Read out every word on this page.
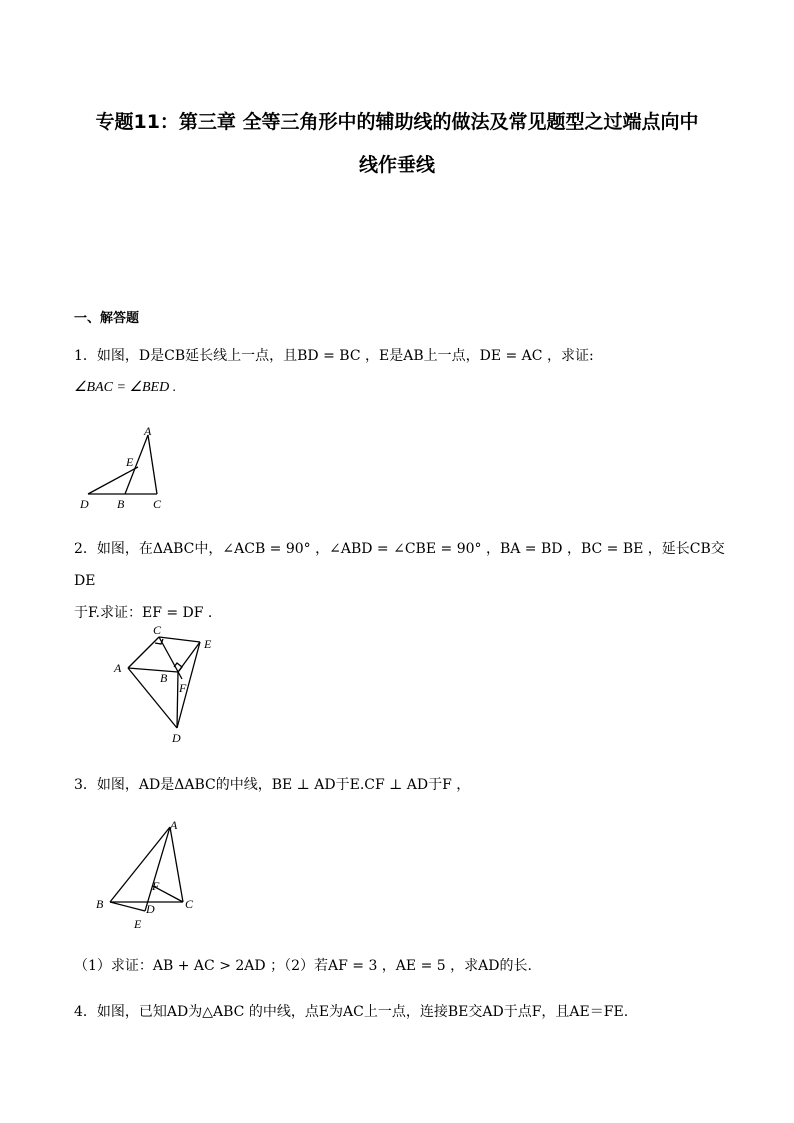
专题11：第三章 全等三角形中的辅助线的做法及常见题型之过端点向中
线作垂线
一、解答题
1．如图，D是CB延长线上一点，且BD = BC ，E是AB上一点，DE = AC ，求证:
∠BAC = ∠BED .
A
E
D B C
2．如图，在ΔABC中，∠ACB = 90° ，∠ABD = ∠CBE = 90° ，BA = BD ，BC = BE ，延长CB交DE
于F.求证：EF = DF .
C
E
A
B
F
D
3．如图，AD是ΔABC的中线，BE ⊥ AD于E.CF ⊥ AD于F ，
A
F
B	C
D
E
（1）求证：AB + AC > 2AD ；（2）若AF = 3 ，AE = 5 ，求AD的长.
4．如图，已知AD为△ABC 的中线，点E为AC上一点，连接BE交AD于点F，且AE＝FE.
